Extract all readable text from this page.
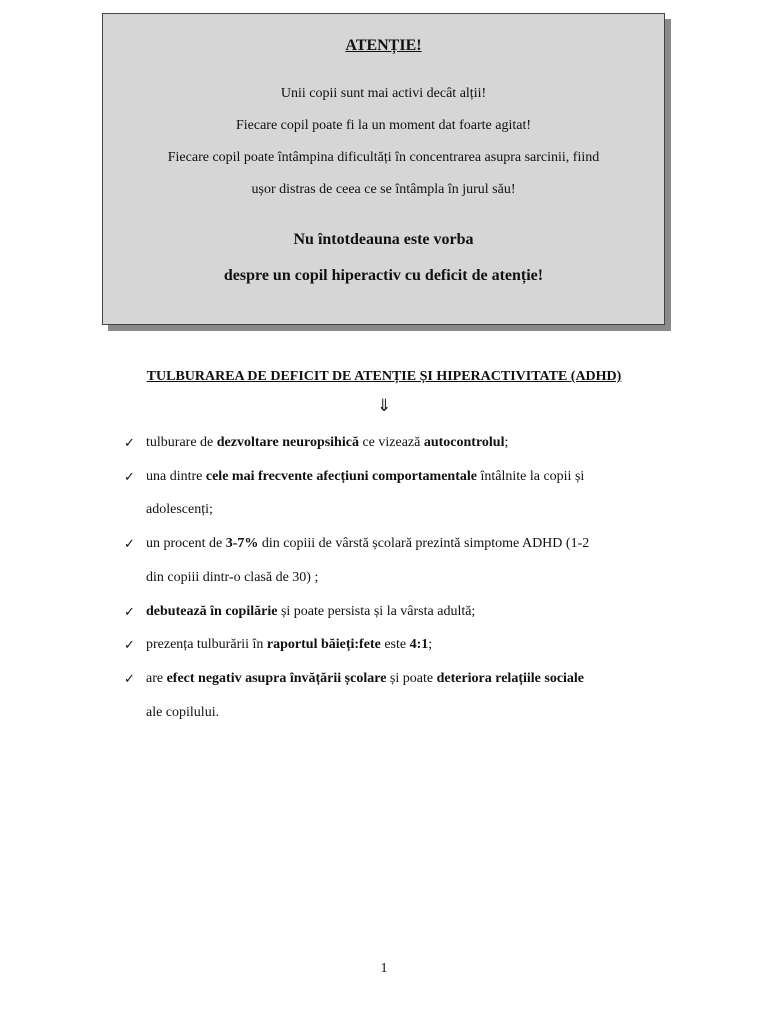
ATENȚIE!
Unii copii sunt mai activi decât alții!
Fiecare copil poate fi la un moment dat foarte agitat!
Fiecare copil poate întâmpina dificultăți în concentrarea asupra sarcinii, fiind
ușor distras de ceea ce se întâmpla în jurul său!
Nu întotdeauna este vorba
despre un copil hiperactiv cu deficit de atenție!
TULBURAREA DE DEFICIT DE ATENȚIE ȘI HIPERACTIVITATE (ADHD)
⇓
✓ tulburare de dezvoltare neuropsihică ce vizează autocontrolul;
✓ una dintre cele mai frecvente afecțiuni comportamentale întâlnite la copii și
adolescenți;
✓ un procent de 3-7% din copiii de vârstă școlară prezintă simptome ADHD (1-2
din copiii dintr-o clasă de 30) ;
✓ debutează în copilărie și poate persista și la vârsta adultă;
✓ prezența tulburării în raportul băieți:fete este 4:1;
✓ are efect negativ asupra învățării școlare și poate deteriora relațiile sociale
ale copilului.
1
